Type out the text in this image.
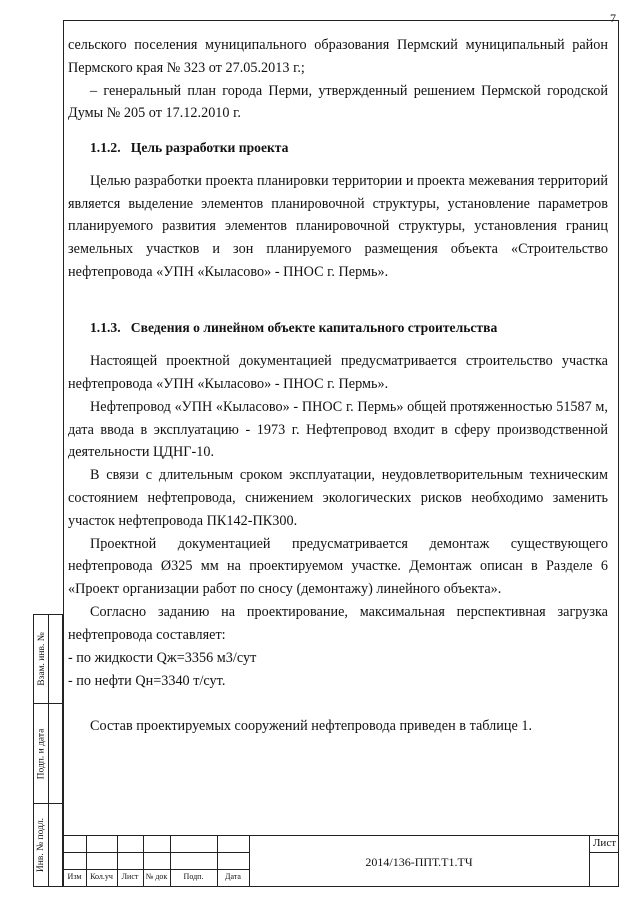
7

сельского поселения муниципального образования Пермский муниципальный район Пермского края № 323 от 27.05.2013 г.;

– генеральный план города Перми, утвержденный решением Пермской городской Думы № 205 от 17.12.2010 г.

1.1.2.   Цель разработки проекта

Целью разработки проекта планировки территории и проекта межевания территорий является выделение элементов планировочной структуры, установление параметров планируемого развития элементов планировочной структуры, установления границ земельных участков и зон планируемого размещения объекта «Строительство нефтепровода «УПН «Кыласово» - ПНОС г. Пермь».

1.1.3.   Сведения о линейном объекте капитального строительства

Настоящей проектной документацией предусматривается строительство участка нефтепровода «УПН «Кыласово» - ПНОС г. Пермь».

Нефтепровод «УПН «Кыласово» - ПНОС г. Пермь» общей протяженностью 51587 м, дата ввода в эксплуатацию - 1973 г. Нефтепровод входит в сферу производственной деятельности ЦДНГ-10.

В связи с длительным сроком эксплуатации, неудовлетворительным техническим состоянием нефтепровода, снижением экологических рисков необходимо заменить участок нефтепровода ПК142-ПК300.

Проектной документацией предусматривается демонтаж существующего нефтепровода Ø325 мм на проектируемом участке. Демонтаж описан в Разделе 6 «Проект организации работ по сносу (демонтажу) линейного объекта».

Согласно заданию на проектирование, максимальная перспективная загрузка нефтепровода составляет:

- по жидкости Qж=3356 м3/сут

- по нефти Qн=3340 т/сут.

Состав проектируемых сооружений нефтепровода приведен в таблице 1.

Взам. инв. №
Подп. и дата
Инв. № подл.
Изм	Кол.уч	Лист № док	Подп.	Дата
2014/136-ППТ.Т1.ТЧ
Лист
